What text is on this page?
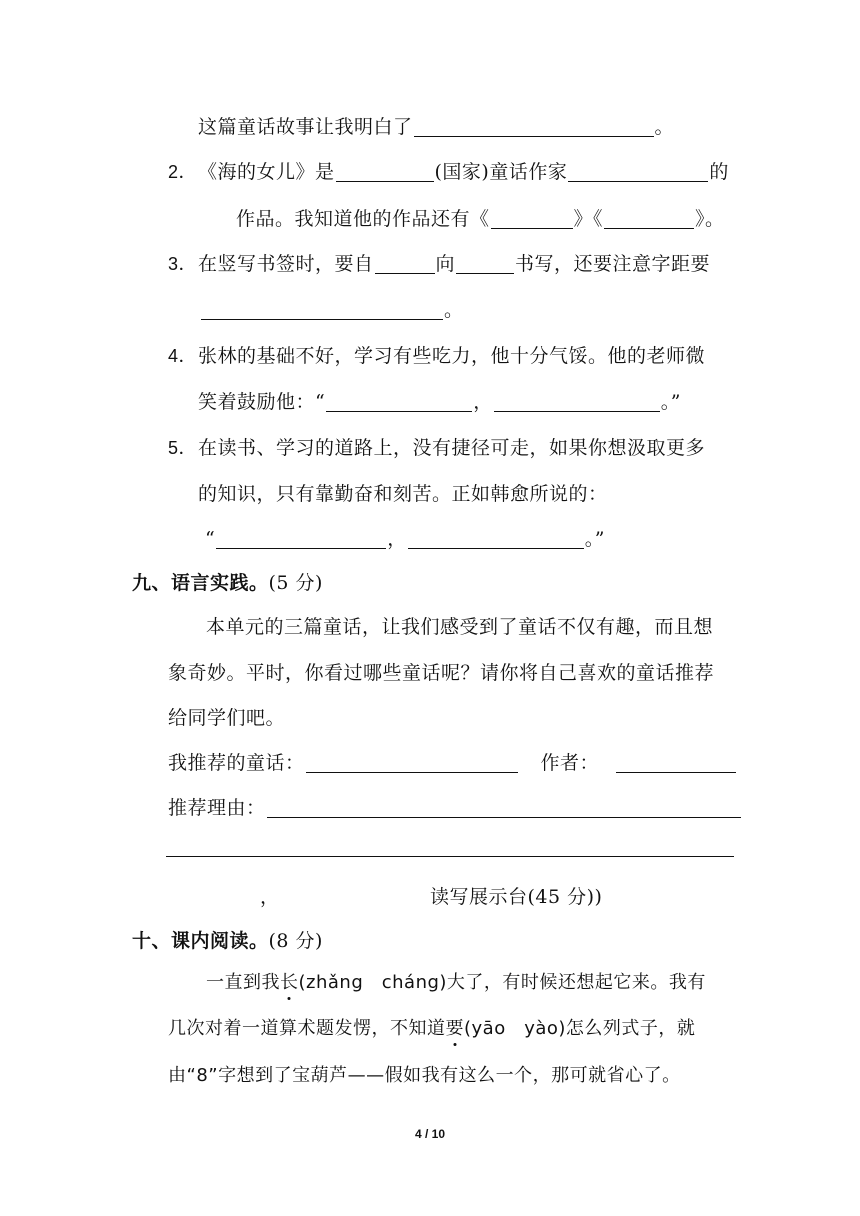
这篇童话故事让我明白了	。
2．《海的女儿》是	(国家)童话作家	的
作品。我知道他的作品还有《	》《	》。
3．在竖写书签时，要自	向	书写，还要注意字距要
。
4．张林的基础不好，学习有些吃力，他十分气馁。他的老师微
笑着鼓励他：“	，	。”
5．在读书、学习的道路上，没有捷径可走，如果你想汲取更多
的知识，只有靠勤奋和刻苦。正如韩愈所说的：
“	，	。”
九、语言实践。(5 分)
本单元的三篇童话，让我们感受到了童话不仅有趣，而且想
象奇妙。平时，你看过哪些童话呢？请你将自己喜欢的童话推荐
给同学们吧。
我推荐的童话：	作者：
推荐理由：
，	读写展示台(45 分))
十、课内阅读。(8 分)
一直到我长(zhǎng　cháng)大了，有时候还想起它来。我有
几次对着一道算术题发愣，不知道要(yāo　yào)怎么列式子，就
由“8”字想到了宝葫芦——假如我有这么一个，那可就省心了。
4 / 10
